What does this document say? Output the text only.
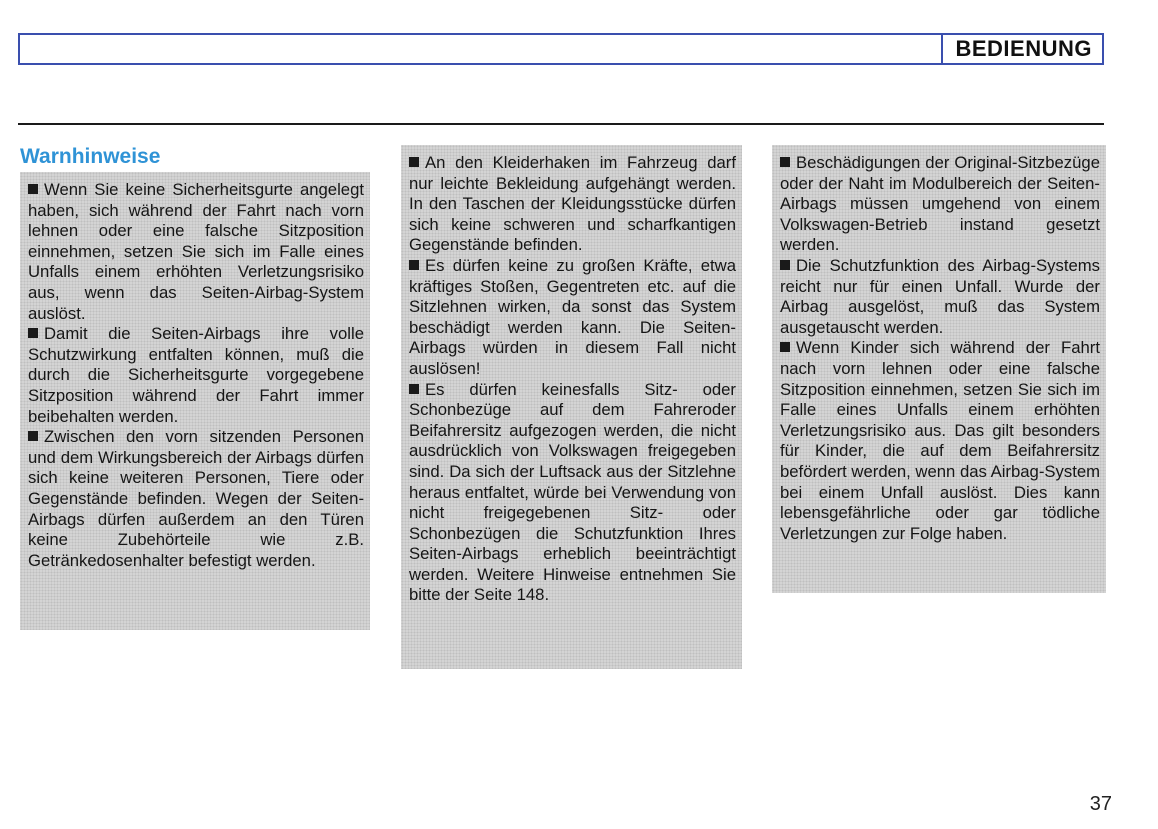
BEDIENUNG
Warnhinweise

Wenn Sie keine Sicherheitsgurte angelegt haben, sich während der Fahrt nach vorn lehnen oder eine falsche Sitzposition einnehmen, setzen Sie sich im Falle eines Unfalls einem erhöhten Verletzungsrisiko aus, wenn das Seiten-Airbag-System auslöst.

Damit die Seiten-Airbags ihre volle Schutzwirkung entfalten können, muß die durch die Sicherheitsgurte vorgegebene Sitzposition während der Fahrt immer beibehalten werden.

Zwischen den vorn sitzenden Personen und dem Wirkungsbereich der Airbags dürfen sich keine weiteren Personen, Tiere oder Gegenstände befinden. Wegen der Seiten-Airbags dürfen außerdem an den Türen keine Zubehörteile wie z.B. Getränkedosenhalter befestigt werden.

An den Kleiderhaken im Fahrzeug darf nur leichte Bekleidung aufgehängt werden. In den Taschen der Kleidungsstücke dürfen sich keine schweren und scharfkantigen Gegenstände befinden.

Es dürfen keine zu großen Kräfte, etwa kräftiges Stoßen, Gegentreten etc. auf die Sitzlehnen wirken, da sonst das System beschädigt werden kann. Die Seiten-Airbags würden in diesem Fall nicht auslösen!

Es dürfen keinesfalls Sitz- oder Schonbezüge auf dem Fahreroder Beifahrersitz aufgezogen werden, die nicht ausdrücklich von Volkswagen freigegeben sind. Da sich der Luftsack aus der Sitzlehne heraus entfaltet, würde bei Verwendung von nicht freigegebenen Sitz- oder Schonbezügen die Schutzfunktion Ihres Seiten-Airbags erheblich beeinträchtigt werden. Weitere Hinweise entnehmen Sie bitte der Seite 148.

Beschädigungen der Original-Sitzbezüge oder der Naht im Modulbereich der Seiten-Airbags müssen umgehend von einem Volkswagen-Betrieb instand gesetzt werden.

Die Schutzfunktion des Airbag-Systems reicht nur für einen Unfall. Wurde der Airbag ausgelöst, muß das System ausgetauscht werden.

Wenn Kinder sich während der Fahrt nach vorn lehnen oder eine falsche Sitzposition einnehmen, setzen Sie sich im Falle eines Unfalls einem erhöhten Verletzungsrisiko aus. Das gilt besonders für Kinder, die auf dem Beifahrersitz befördert werden, wenn das Airbag-System bei einem Unfall auslöst. Dies kann lebensgefährliche oder gar tödliche Verletzungen zur Folge haben.

37
